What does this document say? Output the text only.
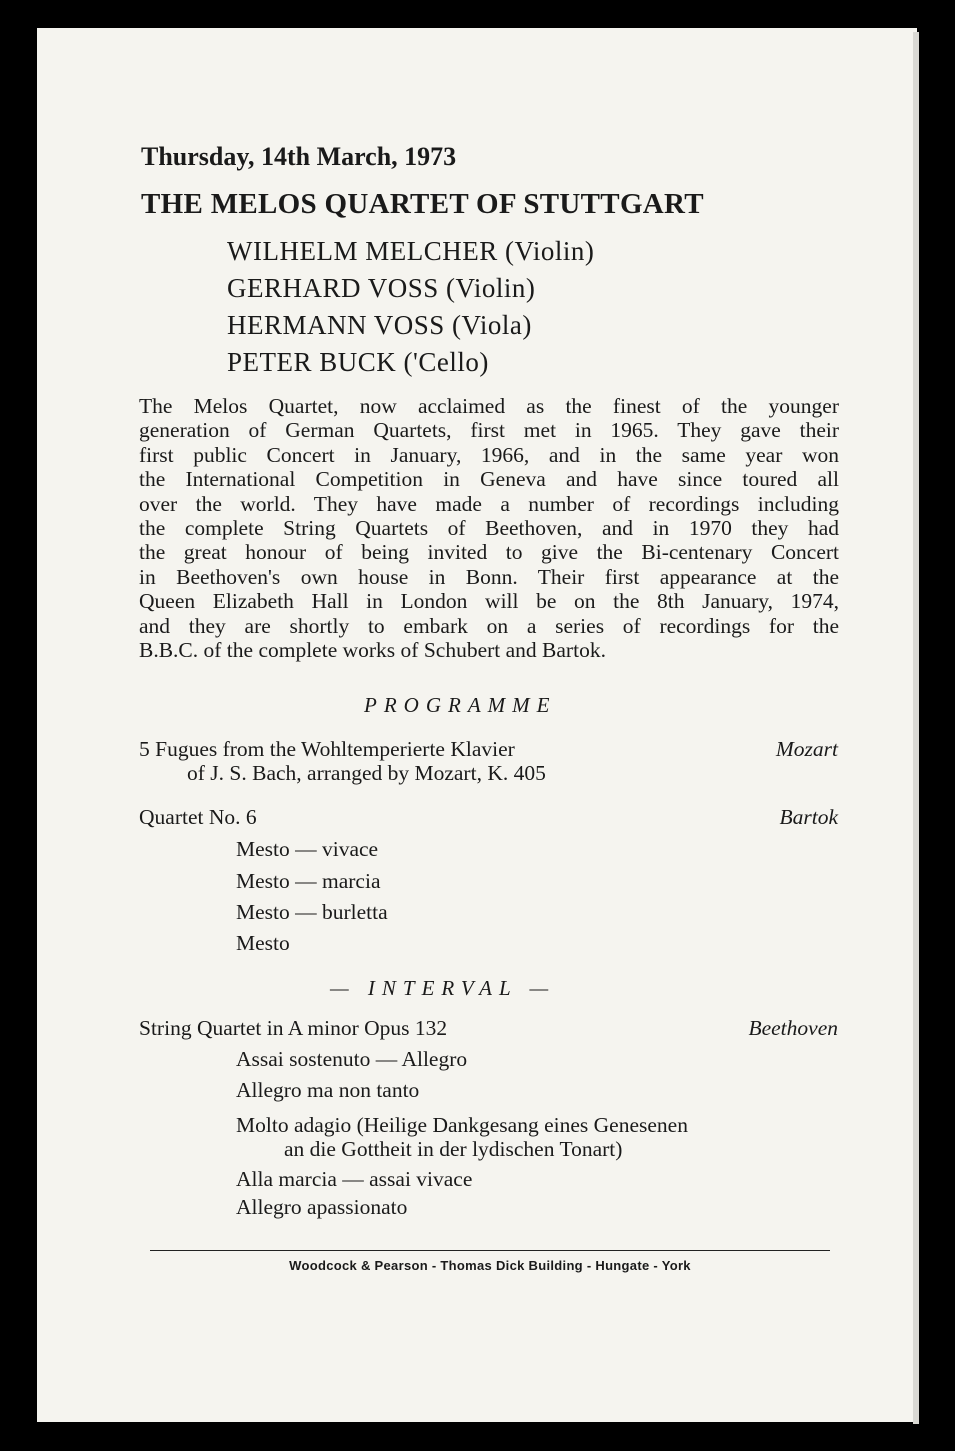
Thursday, 14th March, 1973
THE MELOS QUARTET OF STUTTGART
WILHELM MELCHER (Violin)
GERHARD VOSS (Violin)
HERMANN VOSS (Viola)
PETER BUCK ('Cello)
The Melos Quartet, now acclaimed as the finest of the younger
generation of German Quartets, first met in 1965. They gave their
first public Concert in January, 1966, and in the same year won
the International Competition in Geneva and have since toured all
over the world. They have made a number of recordings including
the complete String Quartets of Beethoven, and in 1970 they had
the great honour of being invited to give the Bi-centenary Concert
in Beethoven's own house in Bonn. Their first appearance at the
Queen Elizabeth Hall in London will be on the 8th January, 1974,
and they are shortly to embark on a series of recordings for the
B.B.C. of the complete works of Schubert and Bartok.
PROGRAMME
5 Fugues from the Wohltemperierte Klavier
of J. S. Bach, arranged by Mozart, K. 405
Mozart
Quartet No. 6	Bartok
Mesto — vivace
Mesto — marcia
Mesto — burletta
Mesto
— INTERVAL —
String Quartet in A minor Opus 132	Beethoven
Assai sostenuto — Allegro
Allegro ma non tanto
Molto adagio (Heilige Dankgesang eines Genesenen
an die Gottheit in der lydischen Tonart)
Alla marcia — assai vivace
Allegro apassionato
Woodcock & Pearson - Thomas Dick Building - Hungate - York
